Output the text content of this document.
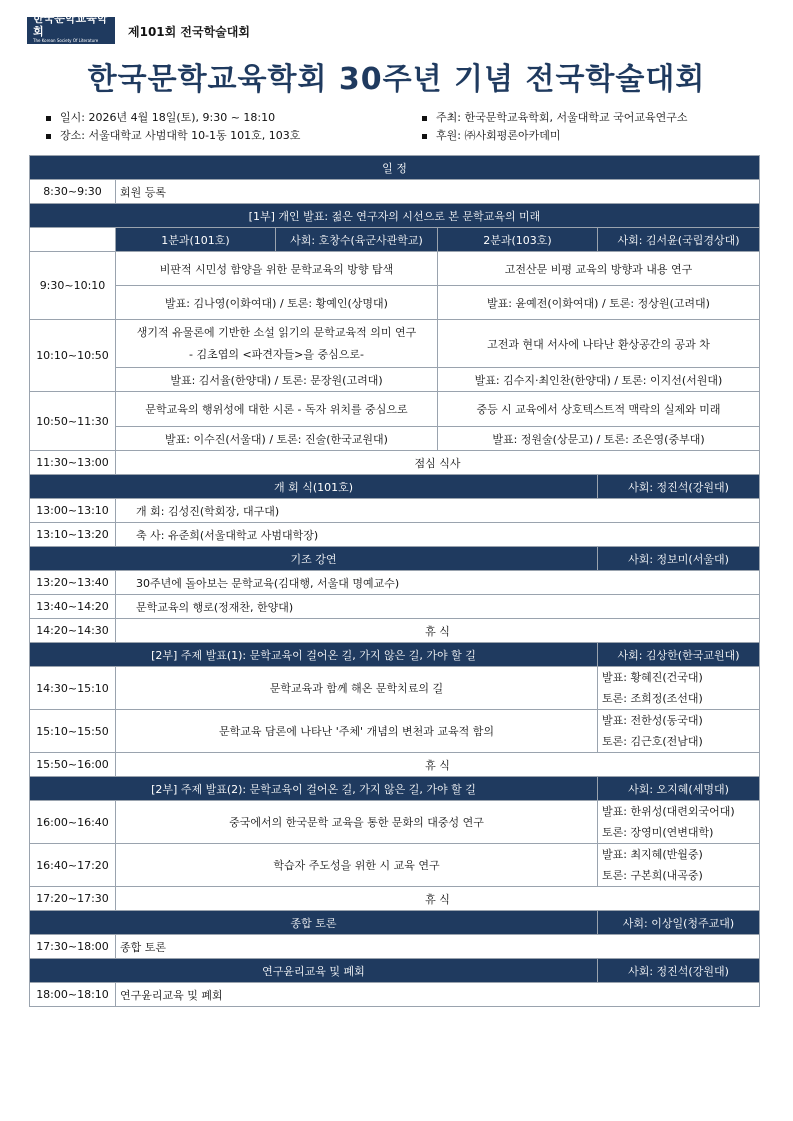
한국문학교육학회
The Korean Society Of Literature Education
제101회 전국학술대회
한국문학교육학회 30주년 기념 전국학술대회
일시: 2026년 4월 18일(토), 9:30 ~ 18:10
장소: 서울대학교 사범대학 10-1동 101호, 103호
주최: 한국문학교육학회, 서울대학교 국어교육연구소
후원: ㈜사회평론아카데미
일 정				
8:30~9:30	회원 등록			
[1부] 개인 발표: 젊은 연구자의 시선으로 본 문학교육의 미래				
	1분과(101호)	사회: 호창수(육군사관학교)	2분과(103호)	사회: 김서윤(국립경상대)
9:30~10:10	비판적 시민성 함양을 위한 문학교육의 방향 탐색		고전산문 비평 교육의 방향과 내용 연구	
	발표: 김나영(이화여대) / 토론: 황예인(상명대)		발표: 윤예전(이화여대) / 토론: 정상원(고려대)	
10:10~10:50	생기적 유물론에 기반한 소설 읽기의 문학교육적 의미 연구
- 김초엽의 <파견자들>을 중심으로-		고전과 현대 서사에 나타난 환상공간의 공과 차	
	발표: 김서율(한양대) / 토론: 문장원(고려대)		발표: 김수지·최인찬(한양대) / 토론: 이지선(서원대)	
10:50~11:30	문학교육의 행위성에 대한 시론 - 독자 위치를 중심으로		중등 시 교육에서 상호텍스트적 맥락의 실제와 미래	
	발표: 이수진(서울대) / 토론: 진술(한국교원대)		발표: 정원술(상문고) / 토론: 조은영(중부대)	
11:30~13:00	점심 식사			
개 회 식(101호)				사회: 정진석(강원대)
13:00~13:10	개 회: 김성진(학회장, 대구대)			
13:10~13:20	축 사: 유준희(서울대학교 사범대학장)			
기조 강연				사회: 정보미(서울대)
13:20~13:40	30주년에 돌아보는 문학교육(김대행, 서울대 명예교수)			
13:40~14:20	문학교육의 행로(정재찬, 한양대)			
14:20~14:30	휴 식			
[2부] 주제 발표(1): 문학교육이 걸어온 길, 가지 않은 길, 가야 할 길				사회: 김상한(한국교원대)
14:30~15:10	문학교육과 함께 해온 문학치료의 길			발표: 황혜진(건국대)
토론: 조희정(조선대)

15:10~15:50	문학교육 담론에 나타난 '주체' 개념의 변천과 교육적 함의			발표: 전한성(동국대)
토론: 김근호(전남대)

15:50~16:00	휴 식			
[2부] 주제 발표(2): 문학교육이 걸어온 길, 가지 않은 길, 가야 할 길				사회: 오지혜(세명대)
16:00~16:40	중국에서의 한국문학 교육을 통한 문화의 대중성 연구			발표: 한위성(대련외국어대)
토론: 장영미(연변대학)

16:40~17:20	학습자 주도성을 위한 시 교육 연구			발표: 최지혜(반월중)
토론: 구본희(내곡중)

17:20~17:30	휴 식			
종합 토론				사회: 이상일(청주교대)
17:30~18:00	종합 토론			
연구윤리교육 및 폐회				사회: 정진석(강원대)
18:00~18:10	연구윤리교육 및 폐회			
